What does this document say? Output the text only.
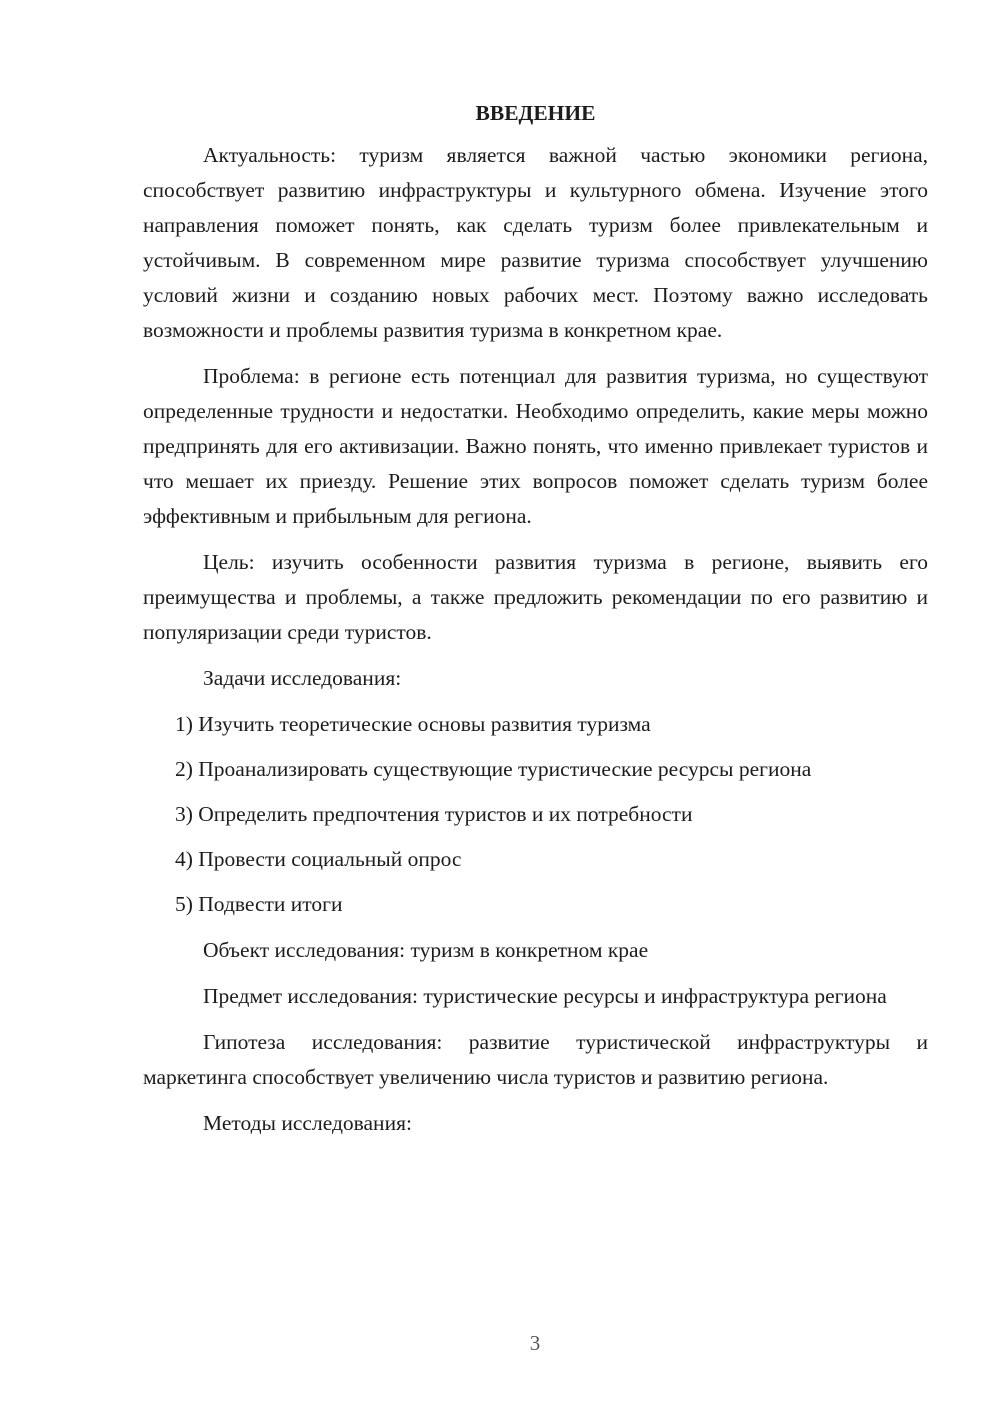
ВВЕДЕНИЕ

Актуальность: туризм является важной частью экономики региона, способствует развитию инфраструктуры и культурного обмена. Изучение этого направления поможет понять, как сделать туризм более привлекательным и устойчивым. В современном мире развитие туризма способствует улучшению условий жизни и созданию новых рабочих мест. Поэтому важно исследовать возможности и проблемы развития туризма в конкретном крае.

Проблема: в регионе есть потенциал для развития туризма, но существуют определенные трудности и недостатки. Необходимо определить, какие меры можно предпринять для его активизации. Важно понять, что именно привлекает туристов и что мешает их приезду. Решение этих вопросов поможет сделать туризм более эффективным и прибыльным для региона.

Цель: изучить особенности развития туризма в регионе, выявить его преимущества и проблемы, а также предложить рекомендации по его развитию и популяризации среди туристов.

Задачи исследования:

1) Изучить теоретические основы развития туризма
2) Проанализировать существующие туристические ресурсы региона
3) Определить предпочтения туристов и их потребности
4) Провести социальный опрос
5) Подвести итоги

Объект исследования: туризм в конкретном крае

Предмет исследования: туристические ресурсы и инфраструктура региона

Гипотеза исследования: развитие туристической инфраструктуры и маркетинга способствует увеличению числа туристов и развитию региона.

Методы исследования:

3
